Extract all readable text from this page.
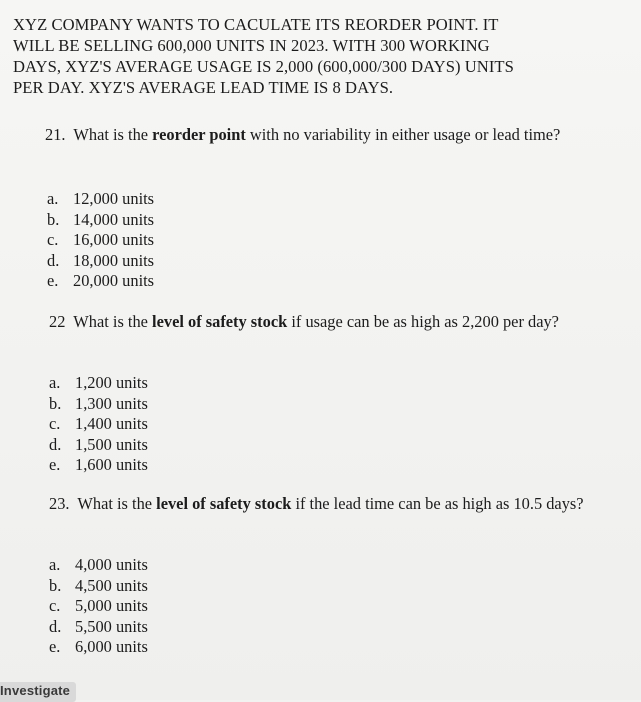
XYZ COMPANY WANTS TO CACULATE ITS REORDER POINT. IT
WILL BE SELLING 600,000 UNITS IN 2023. WITH 300 WORKING
DAYS, XYZ'S AVERAGE USAGE IS 2,000 (600,000/300 DAYS) UNITS
PER DAY. XYZ'S AVERAGE LEAD TIME IS 8 DAYS.

21. What is the reorder point with no variability in either usage or lead time?

a. 12,000 units
b. 14,000 units
c. 16,000 units
d. 18,000 units
e. 20,000 units

22 What is the level of safety stock if usage can be as high as 2,200 per day?

a. 1,200 units
b. 1,300 units
c. 1,400 units
d. 1,500 units
e. 1,600 units

23. What is the level of safety stock if the lead time can be as high as 10.5 days?

a. 4,000 units
b. 4,500 units
c. 5,000 units
d. 5,500 units
e. 6,000 units
Investigate
